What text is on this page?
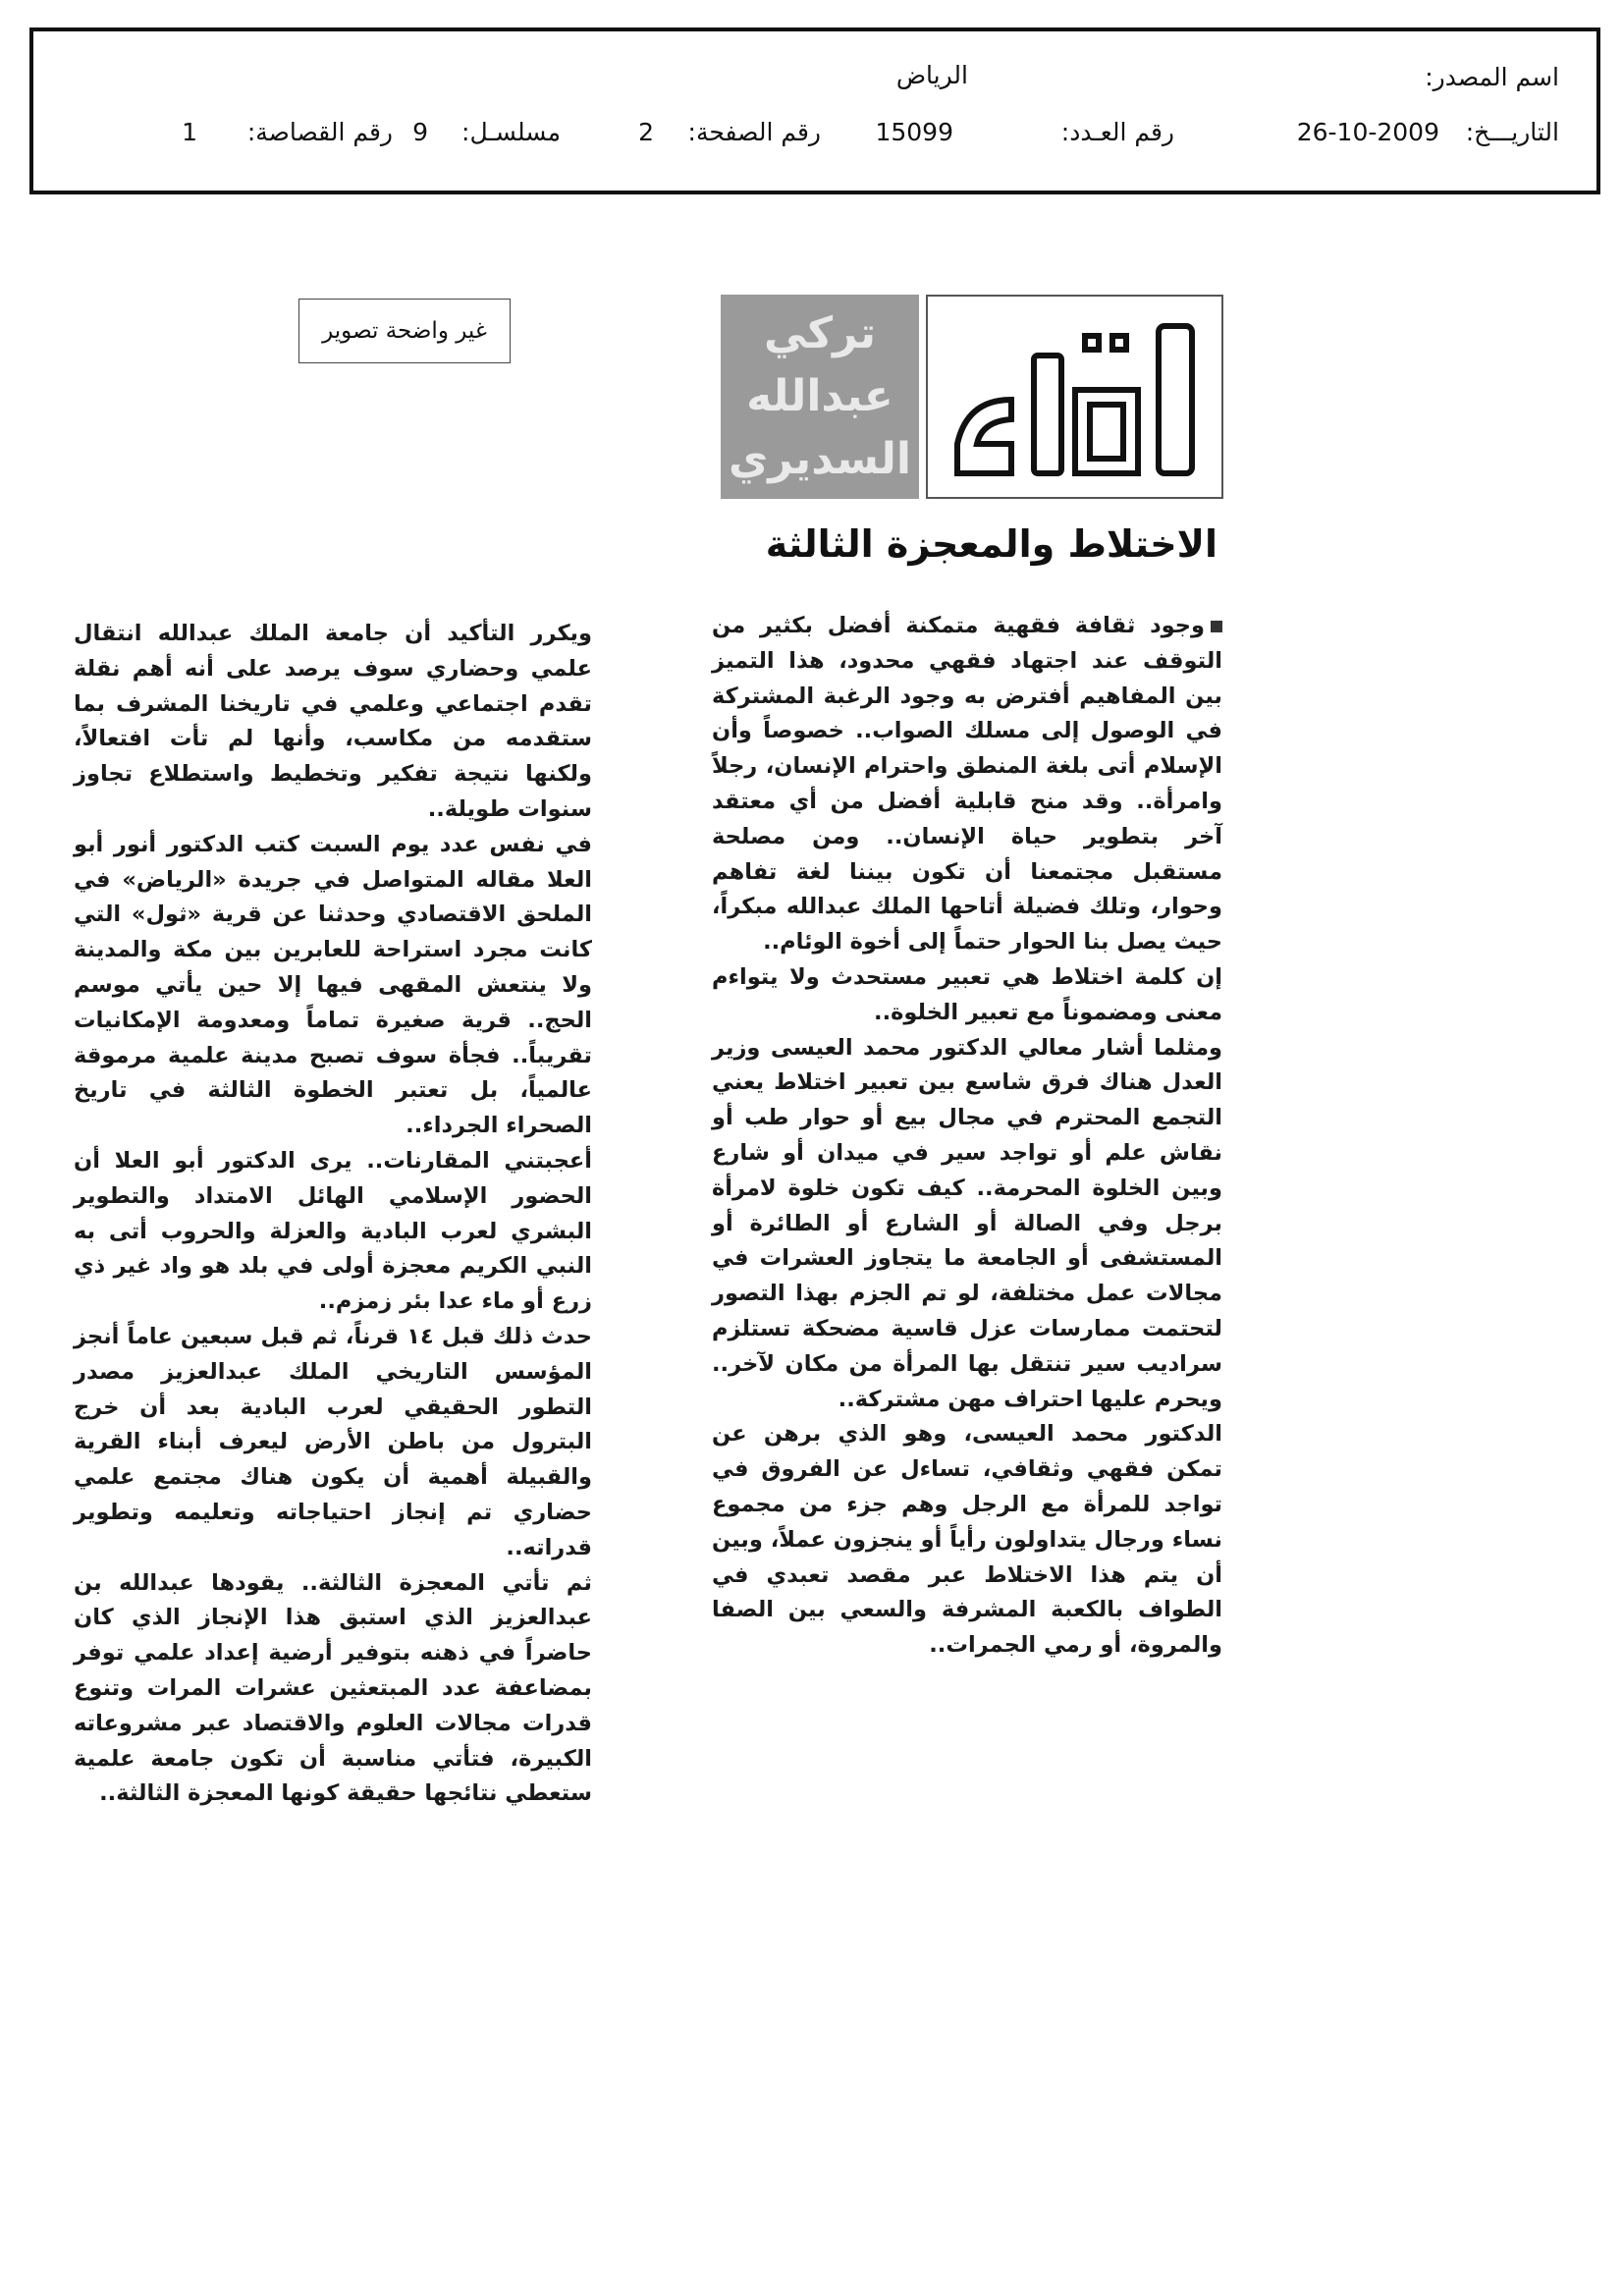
اسم المصدر:
الرياض
التاريـــخ:
26-10-2009
رقم العـدد:
15099
رقم الصفحة:
2
مسلسـل:
9
رقم القصاصة:
1
لقاء
تركي
عبدالله
السديري
غير واضحة تصوير
الاختلاط والمعجزة الثالثة

وجود ثقافة فقهية متمكنة أفضل بكثير من التوقف عند اجتهاد فقهي محدود، هذا التميز بين المفاهيم أفترض به وجود الرغبة المشتركة في الوصول إلى مسلك الصواب.. خصوصاً وأن الإسلام أتى بلغة المنطق واحترام الإنسان، رجلاً وامرأة.. وقد منح قابلية أفضل من أي معتقد آخر بتطوير حياة الإنسان.. ومن مصلحة مستقبل مجتمعنا أن تكون بيننا لغة تفاهم وحوار، وتلك فضيلة أتاحها الملك عبدالله مبكراً، حيث يصل بنا الحوار حتماً إلى أخوة الوئام..

إن كلمة اختلاط هي تعبير مستحدث ولا يتواءم معنى ومضموناً مع تعبير الخلوة..

ومثلما أشار معالي الدكتور محمد العيسى وزير العدل هناك فرق شاسع بين تعبير اختلاط يعني التجمع المحترم في مجال بيع أو حوار طب أو نقاش علم أو تواجد سير في ميدان أو شارع وبين الخلوة المحرمة.. كيف تكون خلوة لامرأة برجل وفي الصالة أو الشارع أو الطائرة أو المستشفى أو الجامعة ما يتجاوز العشرات في مجالات عمل مختلفة، لو تم الجزم بهذا التصور لتحتمت ممارسات عزل قاسية مضحكة تستلزم سراديب سير تنتقل بها المرأة من مكان لآخر.. ويحرم عليها احتراف مهن مشتركة..

الدكتور محمد العيسى، وهو الذي برهن عن تمكن فقهي وثقافي، تساءل عن الفروق في تواجد للمرأة مع الرجل وهم جزء من مجموع نساء ورجال يتداولون رأياً أو ينجزون عملاً، وبين أن يتم هذا الاختلاط عبر مقصد تعبدي في الطواف بالكعبة المشرفة والسعي بين الصفا والمروة، أو رمي الجمرات..

ويكرر التأكيد أن جامعة الملك عبدالله انتقال علمي وحضاري سوف يرصد على أنه أهم نقلة تقدم اجتماعي وعلمي في تاريخنا المشرف بما ستقدمه من مكاسب، وأنها لم تأت افتعالاً، ولكنها نتيجة تفكير وتخطيط واستطلاع تجاوز سنوات طويلة..

في نفس عدد يوم السبت كتب الدكتور أنور أبو العلا مقاله المتواصل في جريدة «الرياض» في الملحق الاقتصادي وحدثنا عن قرية «ثول» التي كانت مجرد استراحة للعابرين بين مكة والمدينة ولا ينتعش المقهى فيها إلا حين يأتي موسم الحج.. قرية صغيرة تماماً ومعدومة الإمكانيات تقريباً.. فجأة سوف تصبح مدينة علمية مرموقة عالمياً، بل تعتبر الخطوة الثالثة في تاريخ الصحراء الجرداء..

أعجبتني المقارنات.. يرى الدكتور أبو العلا أن الحضور الإسلامي الهائل الامتداد والتطوير البشري لعرب البادية والعزلة والحروب أتى به النبي الكريم معجزة أولى في بلد هو واد غير ذي زرع أو ماء عدا بئر زمزم..

حدث ذلك قبل ١٤ قرناً، ثم قبل سبعين عاماً أنجز المؤسس التاريخي الملك عبدالعزيز مصدر التطور الحقيقي لعرب البادية بعد أن خرج البترول من باطن الأرض ليعرف أبناء القرية والقبيلة أهمية أن يكون هناك مجتمع علمي حضاري تم إنجاز احتياجاته وتعليمه وتطوير قدراته..

ثم تأتي المعجزة الثالثة.. يقودها عبدالله بن عبدالعزيز الذي استبق هذا الإنجاز الذي كان حاضراً في ذهنه بتوفير أرضية إعداد علمي توفر بمضاعفة عدد المبتعثين عشرات المرات وتنوع قدرات مجالات العلوم والاقتصاد عبر مشروعاته الكبيرة، فتأتي مناسبة أن تكون جامعة علمية ستعطي نتائجها حقيقة كونها المعجزة الثالثة..
